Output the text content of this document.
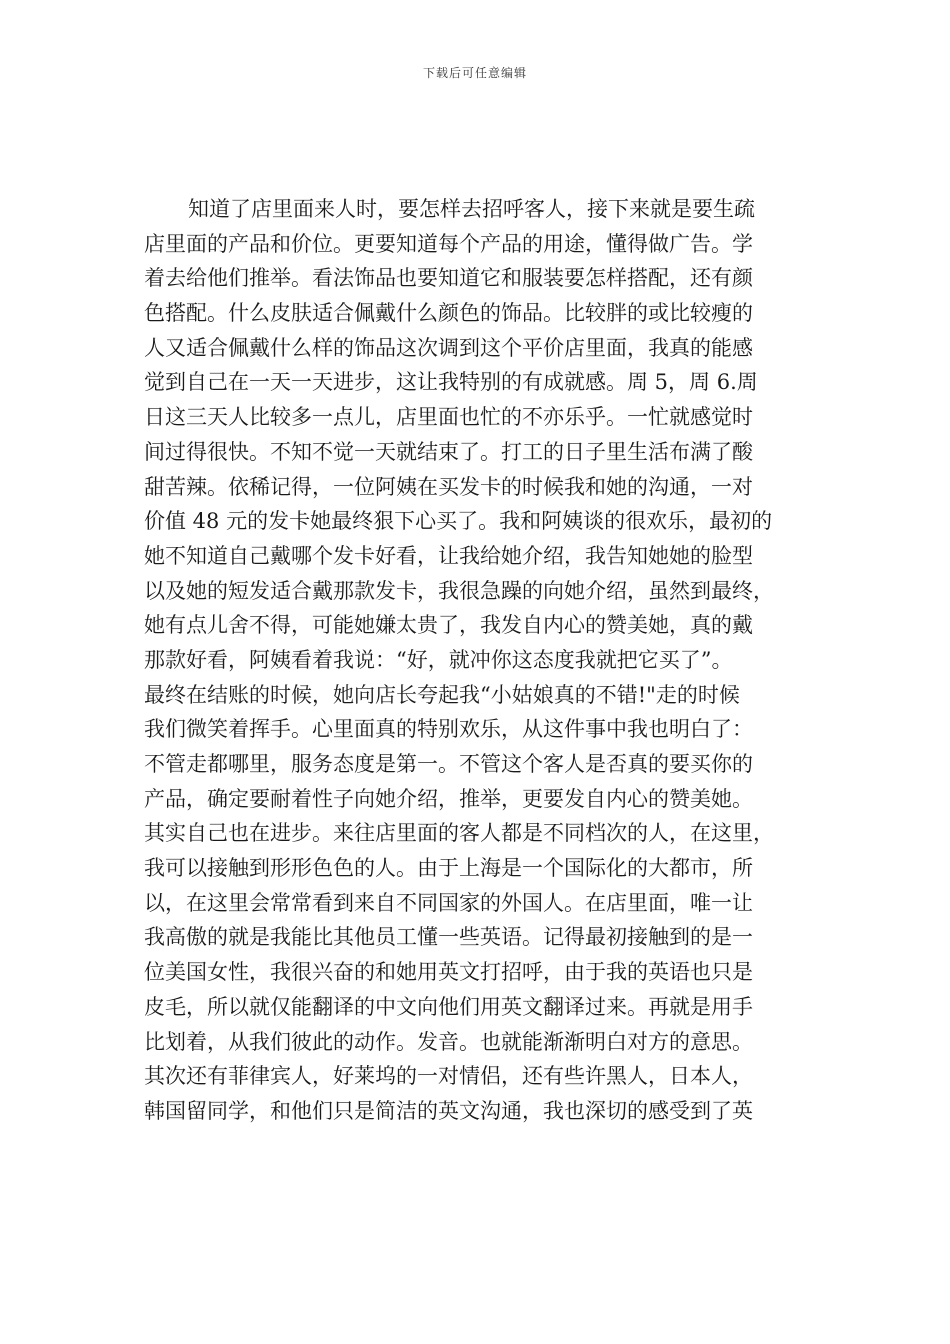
下载后可任意编辑
知道了店里面来人时，要怎样去招呼客人，接下来就是要生疏
店里面的产品和价位。更要知道每个产品的用途，懂得做广告。学
着去给他们推举。看法饰品也要知道它和服装要怎样搭配，还有颜
色搭配。什么皮肤适合佩戴什么颜色的饰品。比较胖的或比较瘦的
人又适合佩戴什么样的饰品这次调到这个平价店里面，我真的能感
觉到自己在一天一天进步，这让我特别的有成就感。周 5，周 6.周
日这三天人比较多一点儿，店里面也忙的不亦乐乎。一忙就感觉时
间过得很快。不知不觉一天就结束了。打工的日子里生活布满了酸
甜苦辣。依稀记得，一位阿姨在买发卡的时候我和她的沟通，一对
价值 48 元的发卡她最终狠下心买了。我和阿姨谈的很欢乐，最初的
她不知道自己戴哪个发卡好看，让我给她介绍，我告知她她的脸型
以及她的短发适合戴那款发卡，我很急躁的向她介绍，虽然到最终，
她有点儿舍不得，可能她嫌太贵了，我发自内心的赞美她，真的戴
那款好看，阿姨看着我说：“好，就冲你这态度我就把它买了”。
最终在结账的时候，她向店长夸起我“小姑娘真的不错!"走的时候
我们微笑着挥手。心里面真的特别欢乐，从这件事中我也明白了：
不管走都哪里，服务态度是第一。不管这个客人是否真的要买你的
产品，确定要耐着性子向她介绍，推举，更要发自内心的赞美她。
其实自己也在进步。来往店里面的客人都是不同档次的人，在这里，
我可以接触到形形色色的人。由于上海是一个国际化的大都市，所
以，在这里会常常看到来自不同国家的外国人。在店里面，唯一让
我高傲的就是我能比其他员工懂一些英语。记得最初接触到的是一
位美国女性，我很兴奋的和她用英文打招呼，由于我的英语也只是
皮毛，所以就仅能翻译的中文向他们用英文翻译过来。再就是用手
比划着，从我们彼此的动作。发音。也就能渐渐明白对方的意思。
其次还有菲律宾人，好莱坞的一对情侣，还有些许黑人，日本人，
韩国留同学，和他们只是简洁的英文沟通，我也深切的感受到了英
